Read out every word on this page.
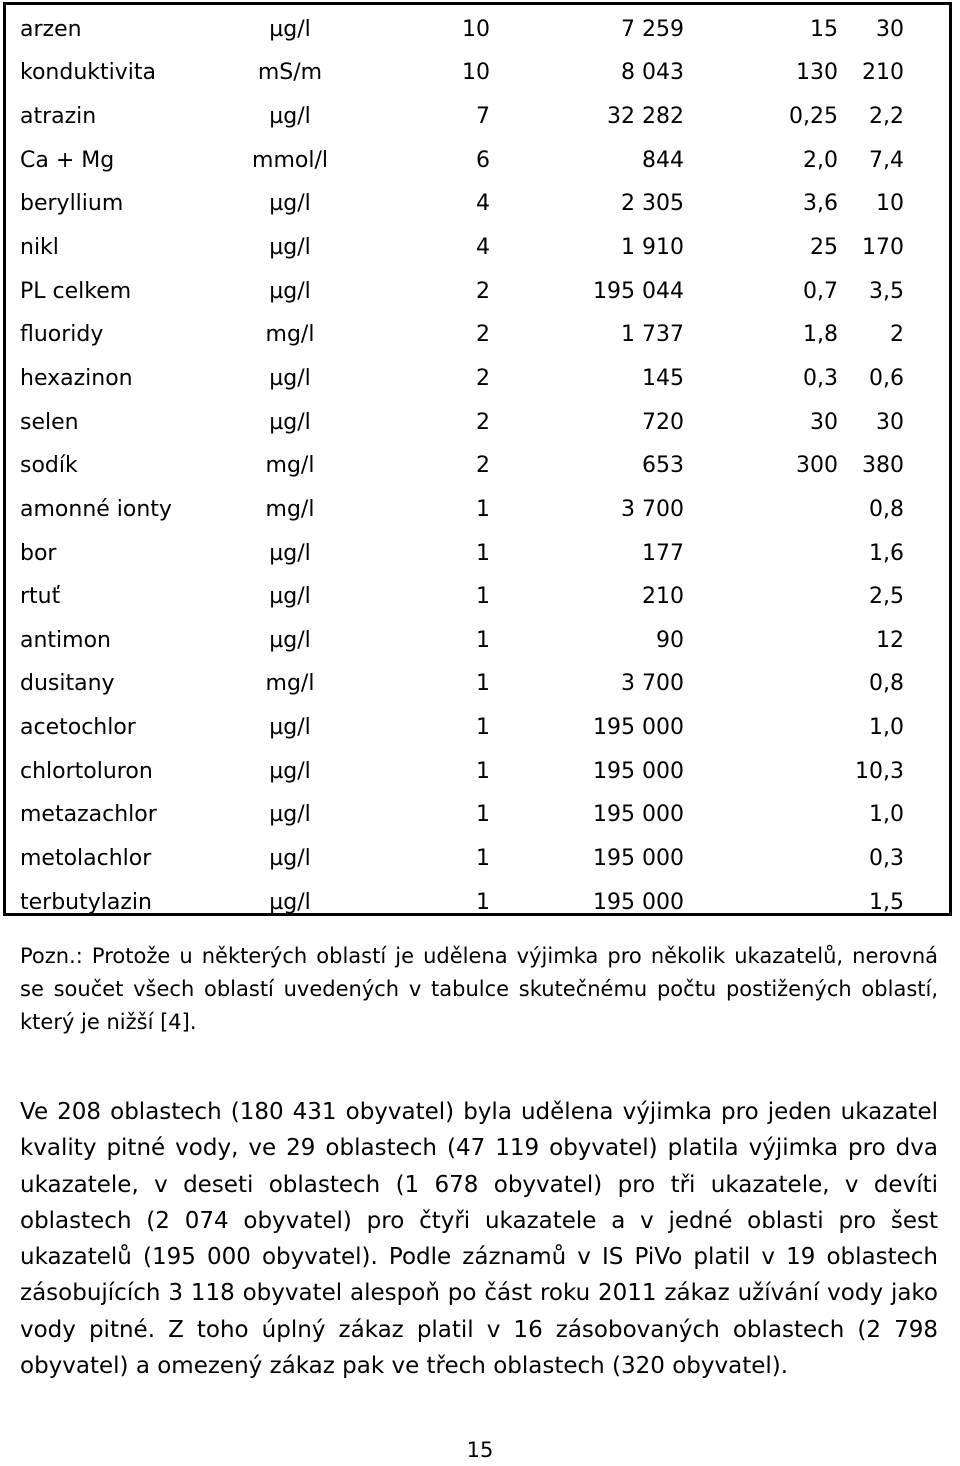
arzen	µg/l	10	7 259	15	30
konduktivita	mS/m	10	8 043	130	210
atrazin	µg/l	7	32 282	0,25	2,2
Ca + Mg	mmol/l	6	844	2,0	7,4
beryllium	µg/l	4	2 305	3,6	10
nikl	µg/l	4	1 910	25	170
PL celkem	µg/l	2	195 044	0,7	3,5
fluoridy	mg/l	2	1 737	1,8	2
hexazinon	µg/l	2	145	0,3	0,6
selen	µg/l	2	720	30	30
sodík	mg/l	2	653	300	380
amonné ionty	mg/l	1	3 700		0,8
bor	µg/l	1	177		1,6
rtuť	µg/l	1	210		2,5
antimon	µg/l	1	90		12
dusitany	mg/l	1	3 700		0,8
acetochlor	µg/l	1	195 000		1,0
chlortoluron	µg/l	1	195 000		10,3
metazachlor	µg/l	1	195 000		1,0
metolachlor	µg/l	1	195 000		0,3
terbutylazin	µg/l	1	195 000		1,5

Pozn.: Protože u některých oblastí je udělena výjimka pro několik ukazatelů, nerovná se součet všech oblastí uvedených v tabulce skutečnému počtu postižených oblastí, který je nižší [4].

Ve 208 oblastech (180 431 obyvatel) byla udělena výjimka pro jeden ukazatel kvality pitné vody, ve 29 oblastech (47 119 obyvatel) platila výjimka pro dva ukazatele, v deseti oblastech (1 678 obyvatel) pro tři ukazatele, v devíti oblastech (2 074 obyvatel) pro čtyři ukazatele a v jedné oblasti pro šest ukazatelů (195 000 obyvatel). Podle záznamů v IS PiVo platil v 19 oblastech zásobujících 3 118 obyvatel alespoň po část roku 2011 zákaz užívání vody jako vody pitné. Z toho úplný zákaz platil v 16 zásobovaných oblastech (2 798 obyvatel) a omezený zákaz pak ve třech oblastech (320 obyvatel).

15
